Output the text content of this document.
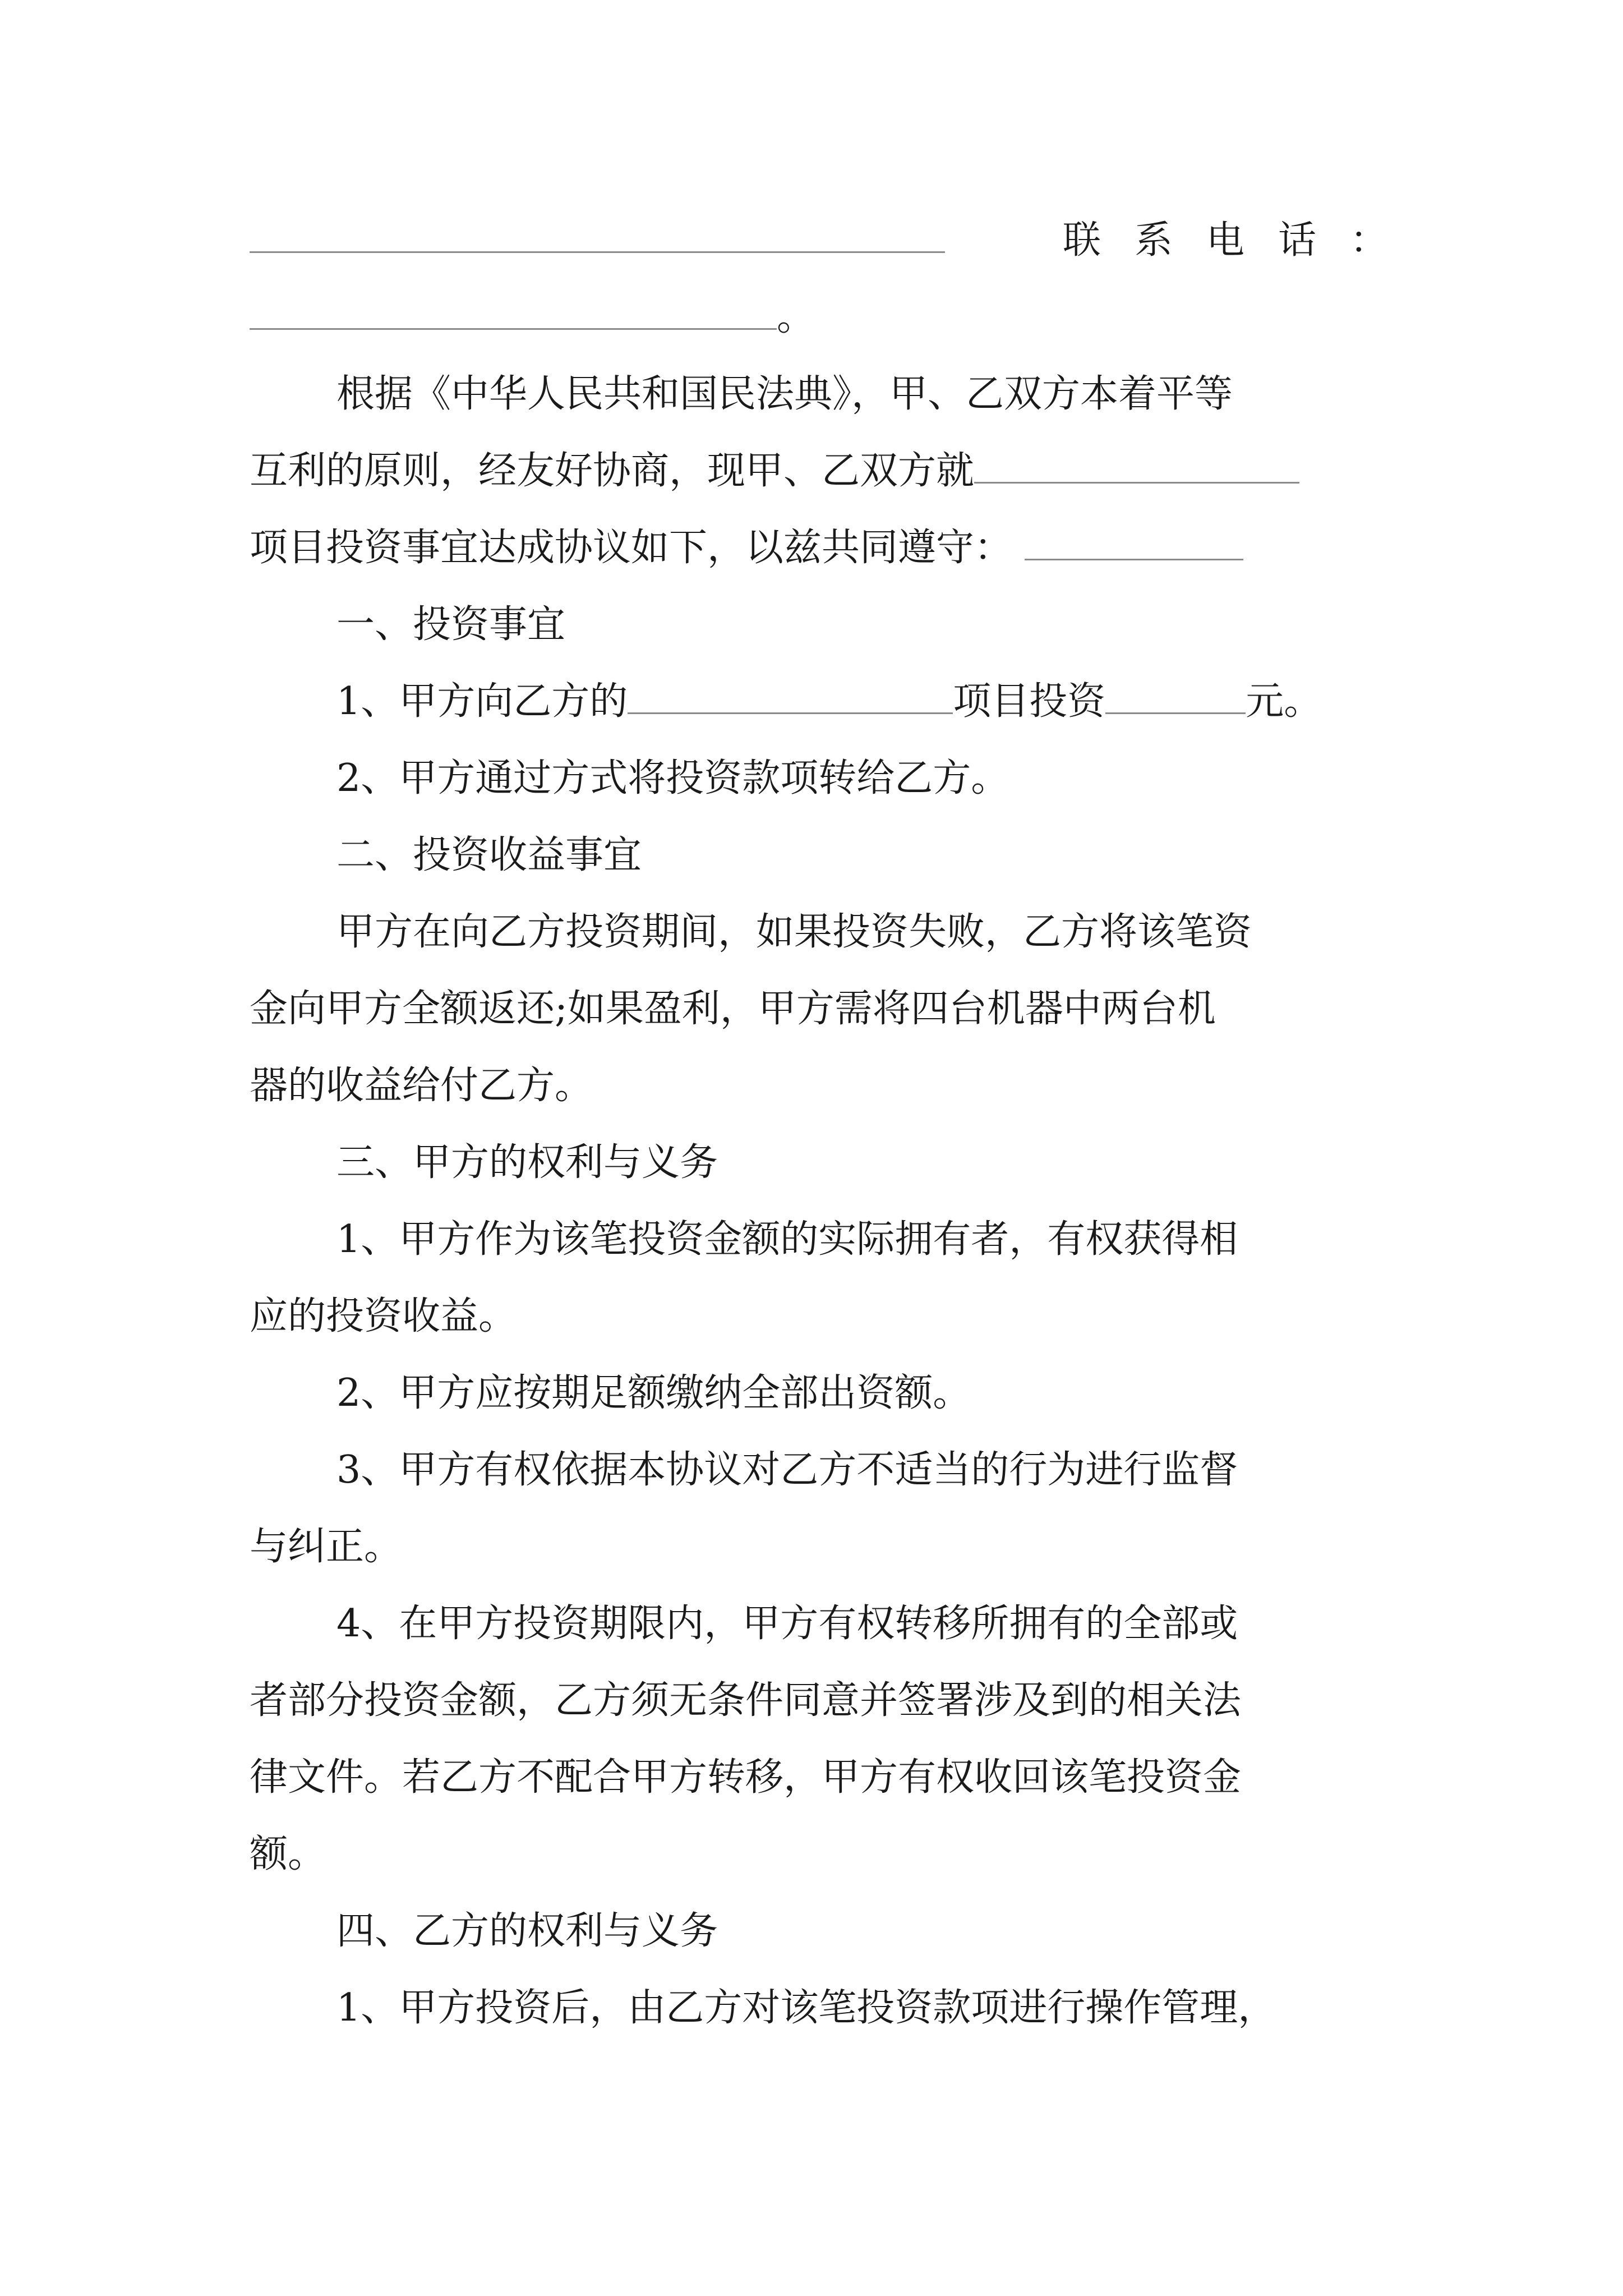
联系电话：
。
根据《中华人民共和国民法典》，甲、乙双方本着平等
互利的原则，经友好协商，现甲、乙双方就
项目投资事宜达成协议如下，以兹共同遵守：
一、投资事宜
1、甲方向乙方的	项目投资	元。
2、甲方通过方式将投资款项转给乙方。
二、投资收益事宜
甲方在向乙方投资期间，如果投资失败，乙方将该笔资
金向甲方全额返还;如果盈利，甲方需将四台机器中两台机
器的收益给付乙方。
三、甲方的权利与义务
1、甲方作为该笔投资金额的实际拥有者，有权获得相
应的投资收益。
2、甲方应按期足额缴纳全部出资额。
3、甲方有权依据本协议对乙方不适当的行为进行监督
与纠正。
4、在甲方投资期限内，甲方有权转移所拥有的全部或
者部分投资金额，乙方须无条件同意并签署涉及到的相关法
律文件。若乙方不配合甲方转移，甲方有权收回该笔投资金
额。
四、乙方的权利与义务
1、甲方投资后，由乙方对该笔投资款项进行操作管理，
